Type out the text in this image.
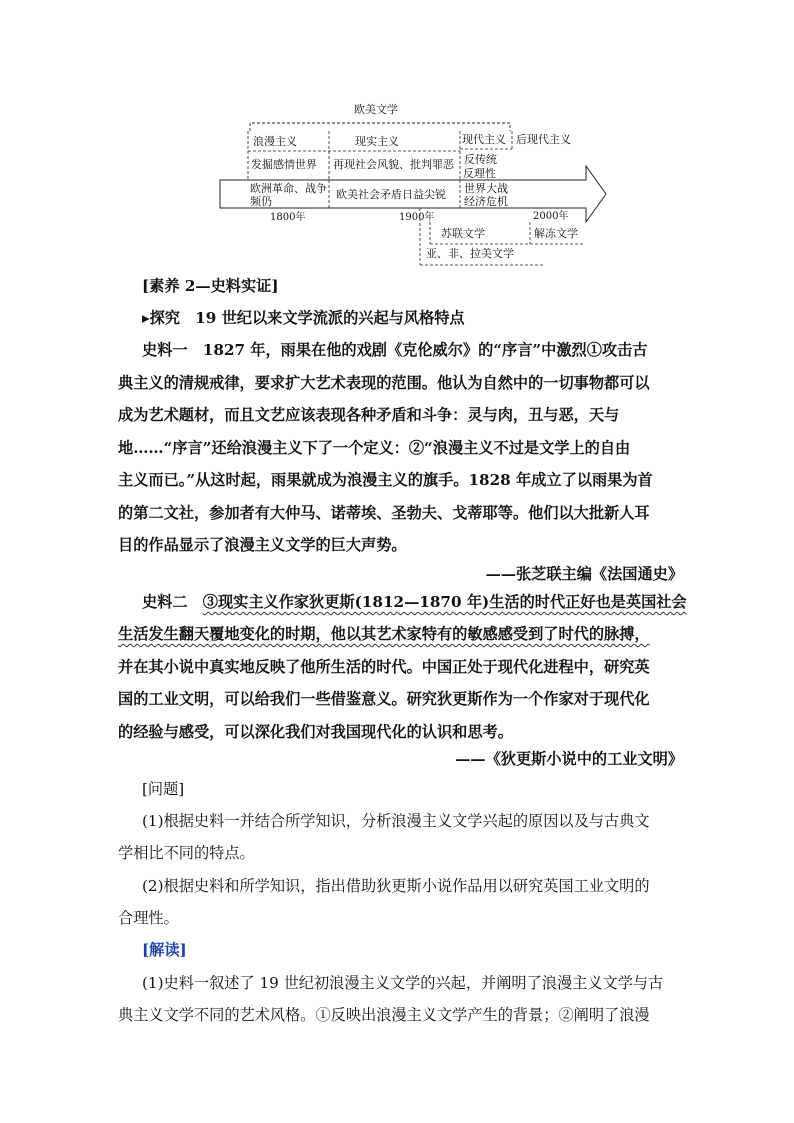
欧美文学
浪漫主义	现实主义	现代主义 后现代主义
发掘感情世界 再现社会风貌、批判罪恶 反传统
反理性
欧洲革命、战争
频仍
欧美社会矛盾日益尖锐 世界大战
经济危机
1800年	1900年	2000年
苏联文学	解冻文学
亚、非、拉美文学
[素养 2—史料实证]
▸探究　19 世纪以来文学流派的兴起与风格特点
史料一　 1827 年，雨果在他的戏剧《克伦威尔》的“序言”中激烈①攻击古
典主义的清规戒律，要求扩大艺术表现的范围。他认为自然中的一切事物都可以
成为艺术题材，而且文艺应该表现各种矛盾和斗争：灵与肉，丑与恶，天与
地……“序言”还给浪漫主义下了一个定义：②“浪漫主义不过是文学上的自由
主义而已。”从这时起，雨果就成为浪漫主义的旗手。1828 年成立了以雨果为首
的第二文社，参加者有大仲马、诺蒂埃、圣勃夫、戈蒂耶等。他们以大批新人耳
目的作品显示了浪漫主义文学的巨大声势。
——张芝联主编《法国通史》
史料二　 ③现实主义作家狄更斯(1812—1870 年)生活的时代正好也是英国社会
生活发生翻天覆地变化的时期，他以其艺术家特有的敏感感受到了时代的脉搏，
并在其小说中真实地反映了他所生活的时代。中国正处于现代化进程中，研究英
国的工业文明，可以给我们一些借鉴意义。研究狄更斯作为一个作家对于现代化
的经验与感受，可以深化我们对我国现代化的认识和思考。
——《狄更斯小说中的工业文明》
[问题]
(1)根据史料一并结合所学知识，分析浪漫主义文学兴起的原因以及与古典文
学相比不同的特点。
(2)根据史料和所学知识，指出借助狄更斯小说作品用以研究英国工业文明的
合理性。
[解读]
(1)史料一叙述了 19 世纪初浪漫主义文学的兴起，并阐明了浪漫主义文学与古
典主义文学不同的艺术风格。①反映出浪漫主义文学产生的背景；②阐明了浪漫
